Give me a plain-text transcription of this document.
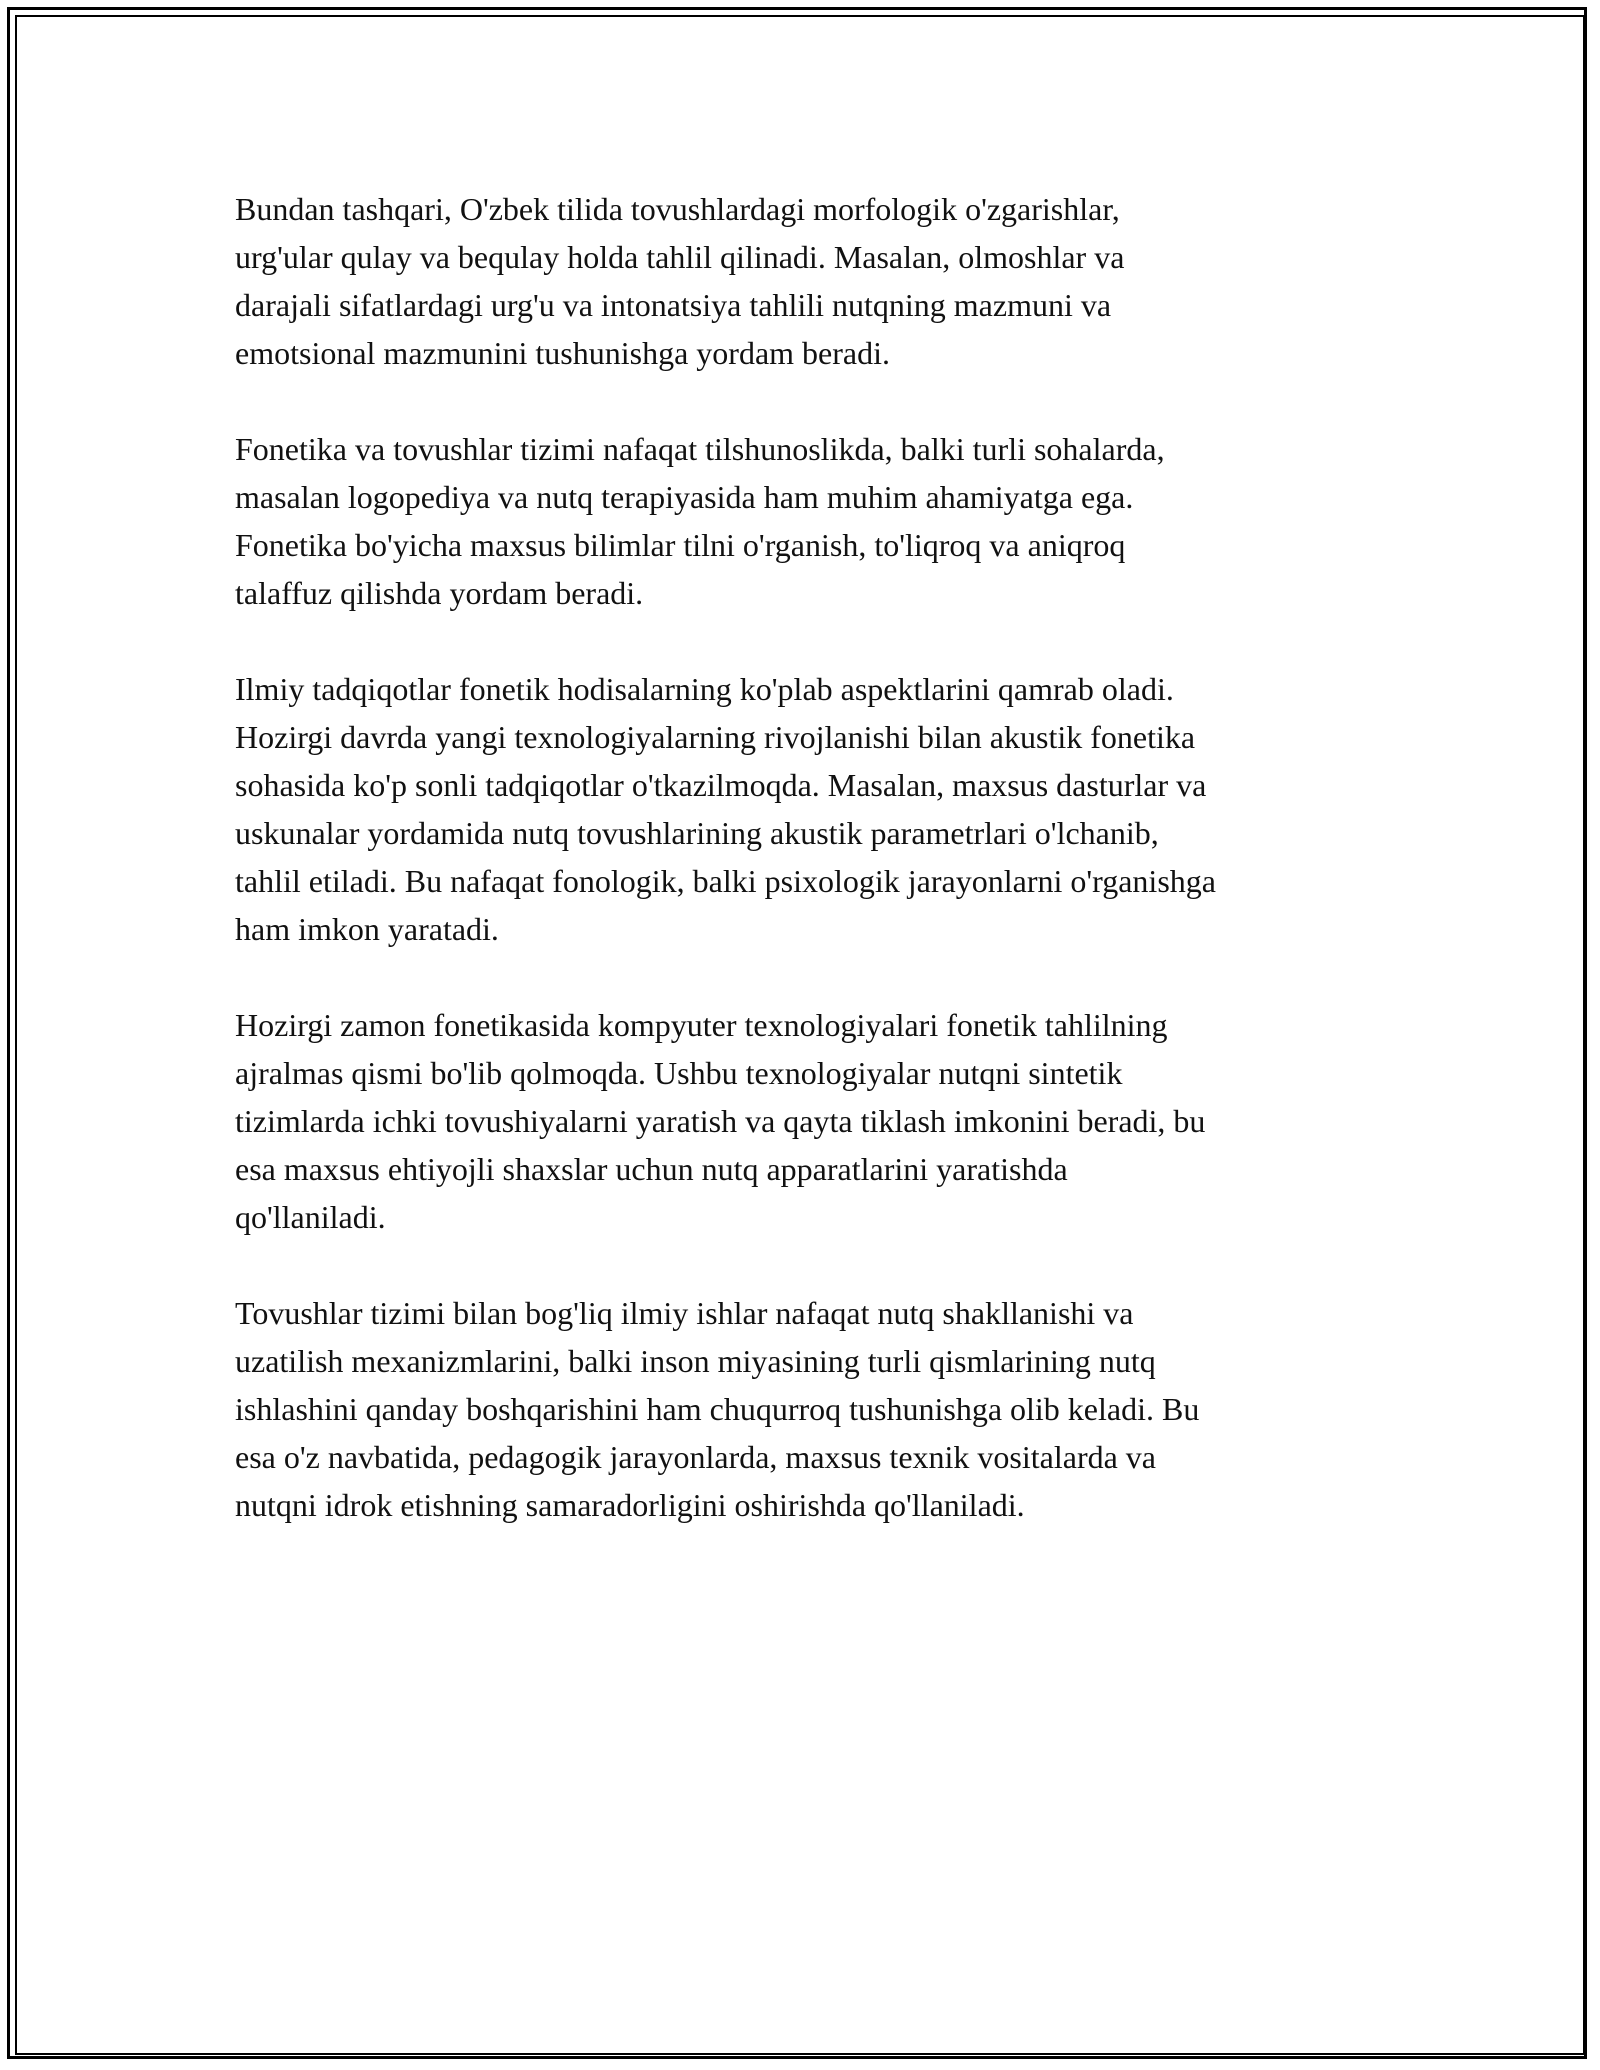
Bundan tashqari, O'zbek tilida tovushlardagi morfologik o'zgarishlar,
urg'ular qulay va bequlay holda tahlil qilinadi. Masalan, olmoshlar va
darajali sifatlardagi urg'u va intonatsiya tahlili nutqning mazmuni va
emotsional mazmunini tushunishga yordam beradi.

Fonetika va tovushlar tizimi nafaqat tilshunoslikda, balki turli sohalarda,
masalan logopediya va nutq terapiyasida ham muhim ahamiyatga ega.
Fonetika bo'yicha maxsus bilimlar tilni o'rganish, to'liqroq va aniqroq
talaffuz qilishda yordam beradi.

Ilmiy tadqiqotlar fonetik hodisalarning ko'plab aspektlarini qamrab oladi.
Hozirgi davrda yangi texnologiyalarning rivojlanishi bilan akustik fonetika
sohasida ko'p sonli tadqiqotlar o'tkazilmoqda. Masalan, maxsus dasturlar va
uskunalar yordamida nutq tovushlarining akustik parametrlari o'lchanib,
tahlil etiladi. Bu nafaqat fonologik, balki psixologik jarayonlarni o'rganishga
ham imkon yaratadi.

Hozirgi zamon fonetikasida kompyuter texnologiyalari fonetik tahlilning
ajralmas qismi bo'lib qolmoqda. Ushbu texnologiyalar nutqni sintetik
tizimlarda ichki tovushiyalarni yaratish va qayta tiklash imkonini beradi, bu
esa maxsus ehtiyojli shaxslar uchun nutq apparatlarini yaratishda
qo'llaniladi.

Tovushlar tizimi bilan bog'liq ilmiy ishlar nafaqat nutq shakllanishi va
uzatilish mexanizmlarini, balki inson miyasining turli qismlarining nutq
ishlashini qanday boshqarishini ham chuqurroq tushunishga olib keladi. Bu
esa o'z navbatida, pedagogik jarayonlarda, maxsus texnik vositalarda va
nutqni idrok etishning samaradorligini oshirishda qo'llaniladi.
